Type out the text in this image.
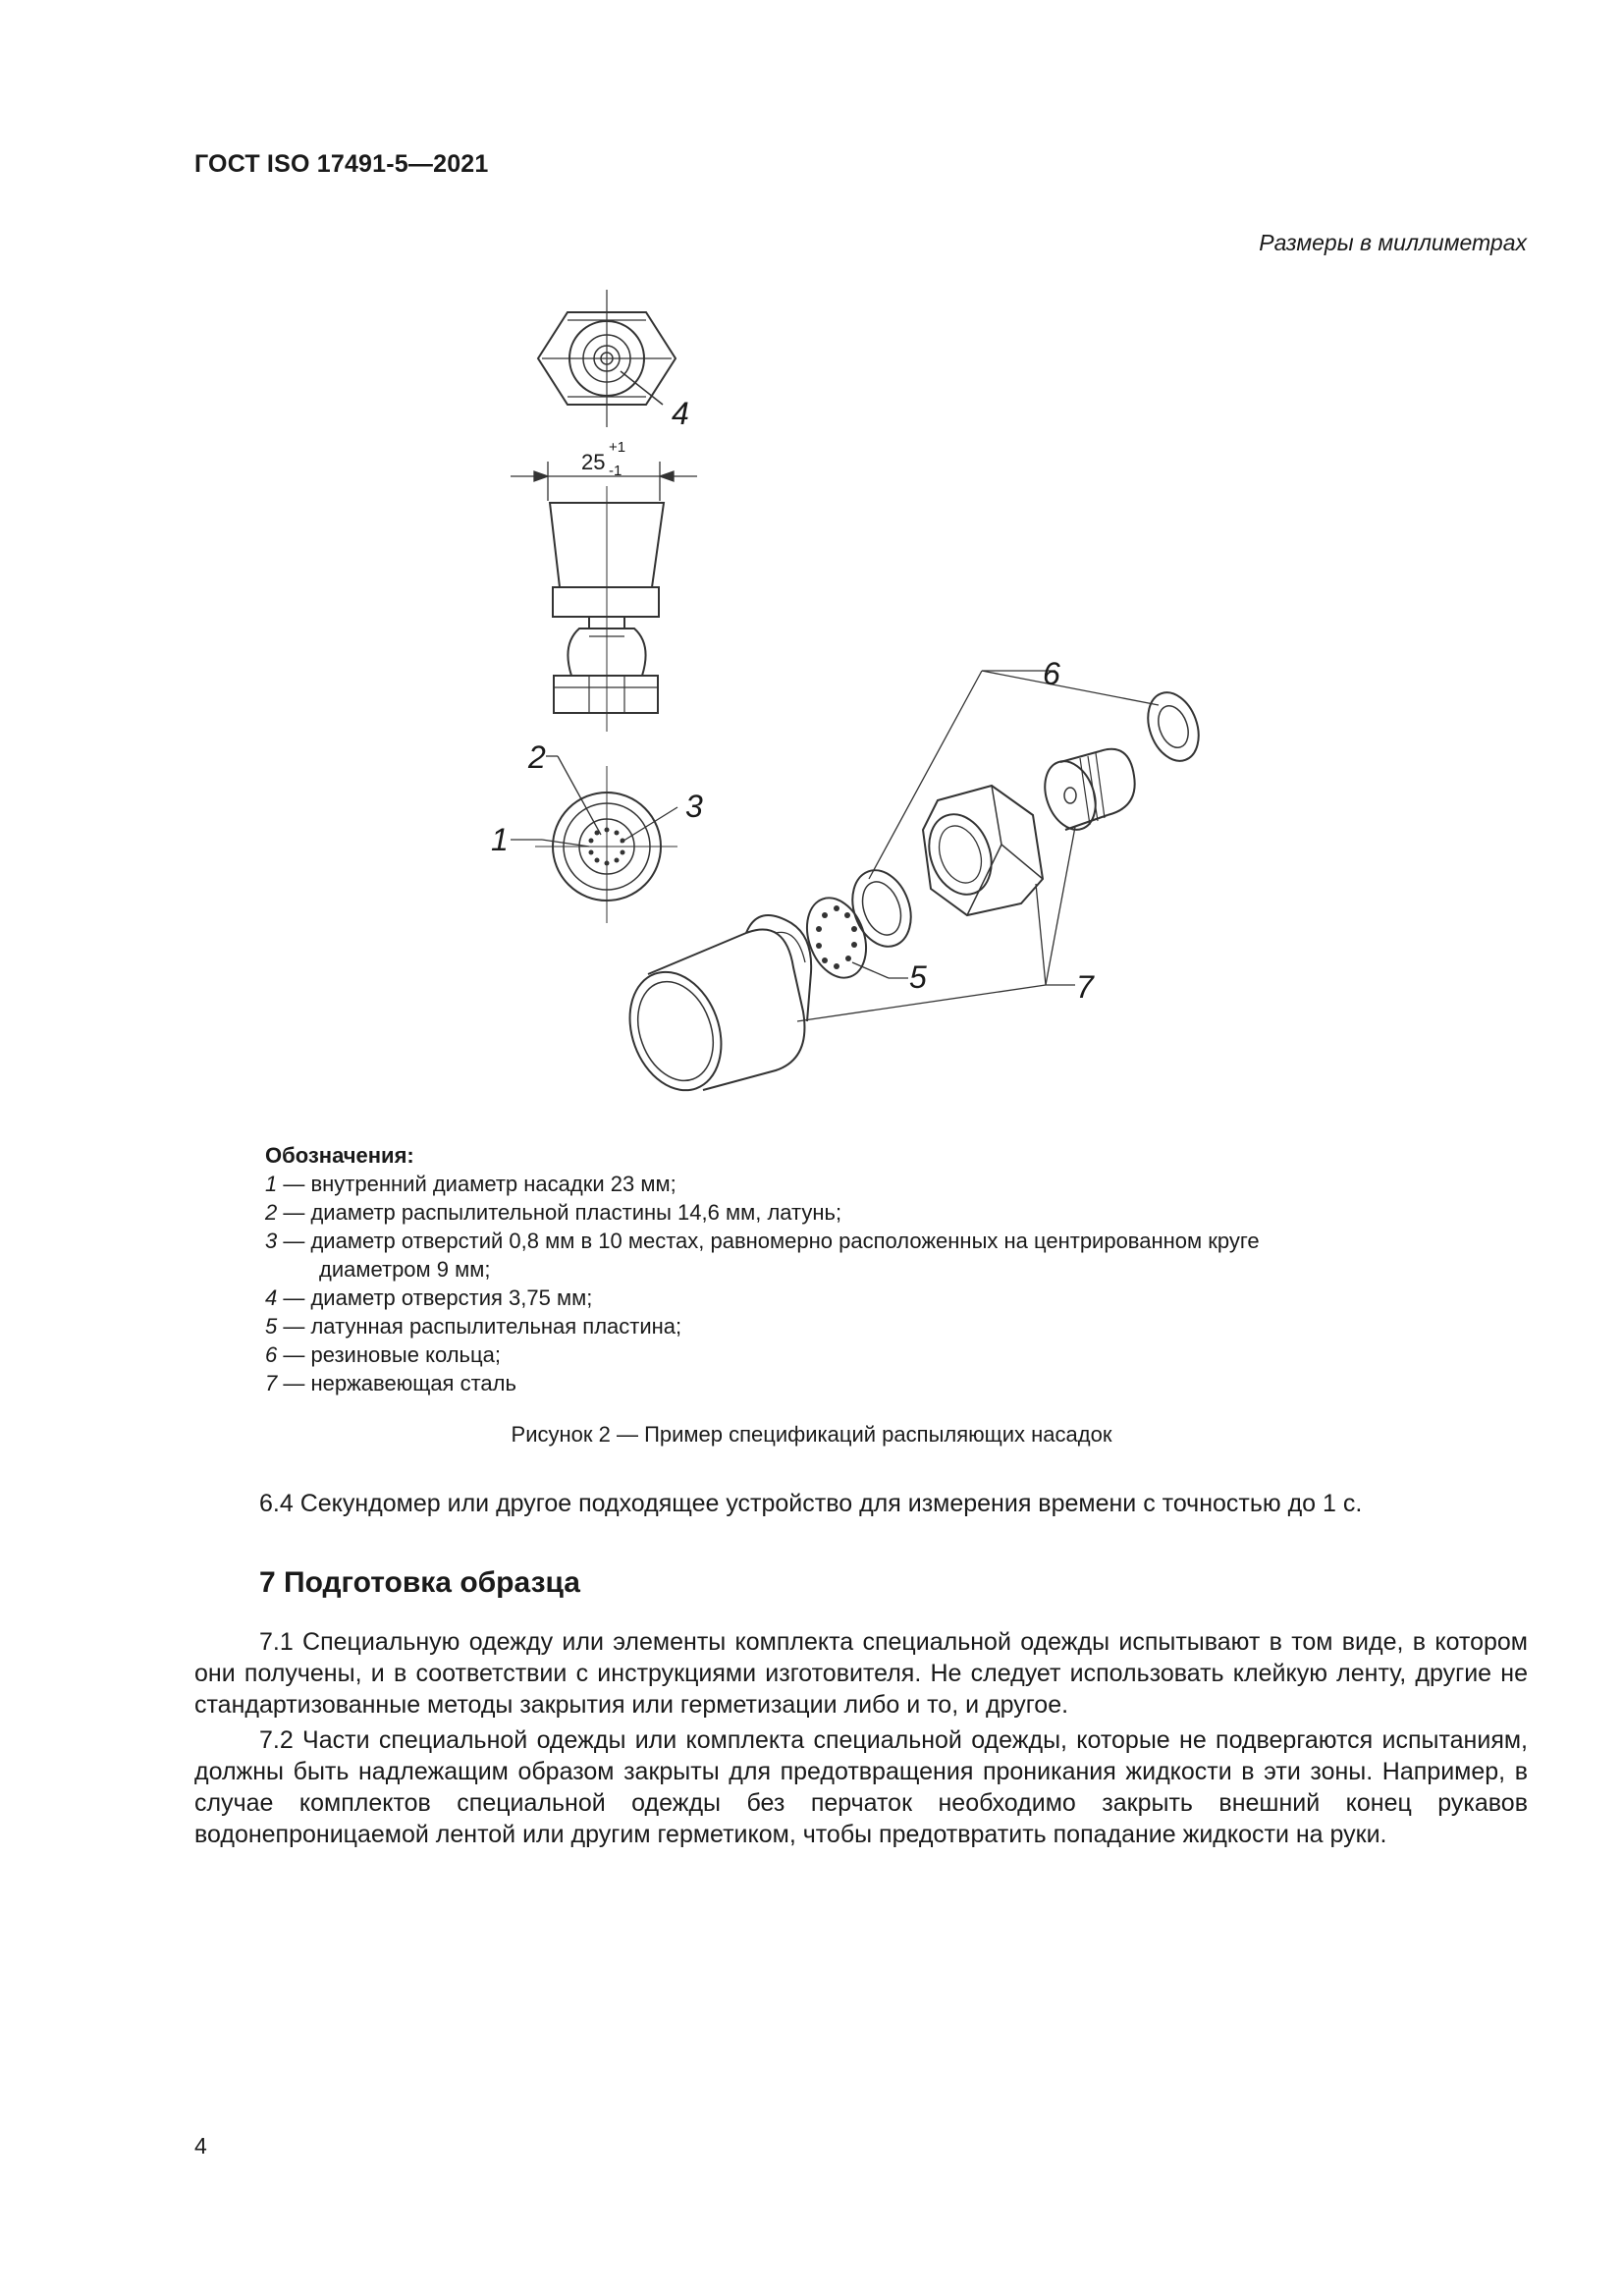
ГОСТ ISO 17491-5—2021
Размеры в миллиметрах
25
+1
-1
4
2
3
1
6
5	7
Обозначения:
1 — внутренний диаметр насадки 23 мм;
2 — диаметр распылительной пластины 14,6 мм, латунь;
3 — диаметр отверстий 0,8 мм в 10 местах, равномерно расположенных на центрированном круге
диаметром 9 мм;
4 — диаметр отверстия 3,75 мм;
5 — латунная распылительная пластина;
6 — резиновые кольца;
7 — нержавеющая сталь
Рисунок 2 — Пример спецификаций распыляющих насадок
6.4 Секундомер или другое подходящее устройство для измерения времени с точностью до 1 с.
7 Подготовка образца
7.1 Специальную одежду или элементы комплекта специальной одежды испытывают в том виде, в котором они получены, и в соответствии с инструкциями изготовителя. Не следует использовать клейкую ленту, другие не стандартизованные методы закрытия или герметизации либо и то, и другое.
7.2 Части специальной одежды или комплекта специальной одежды, которые не подвергаются испытаниям, должны быть надлежащим образом закрыты для предотвращения проникания жидкости в эти зоны. Например, в случае комплектов специальной одежды без перчаток необходимо закрыть внешний конец рукавов водонепроницаемой лентой или другим герметиком, чтобы предотвратить попадание жидкости на руки.
4
